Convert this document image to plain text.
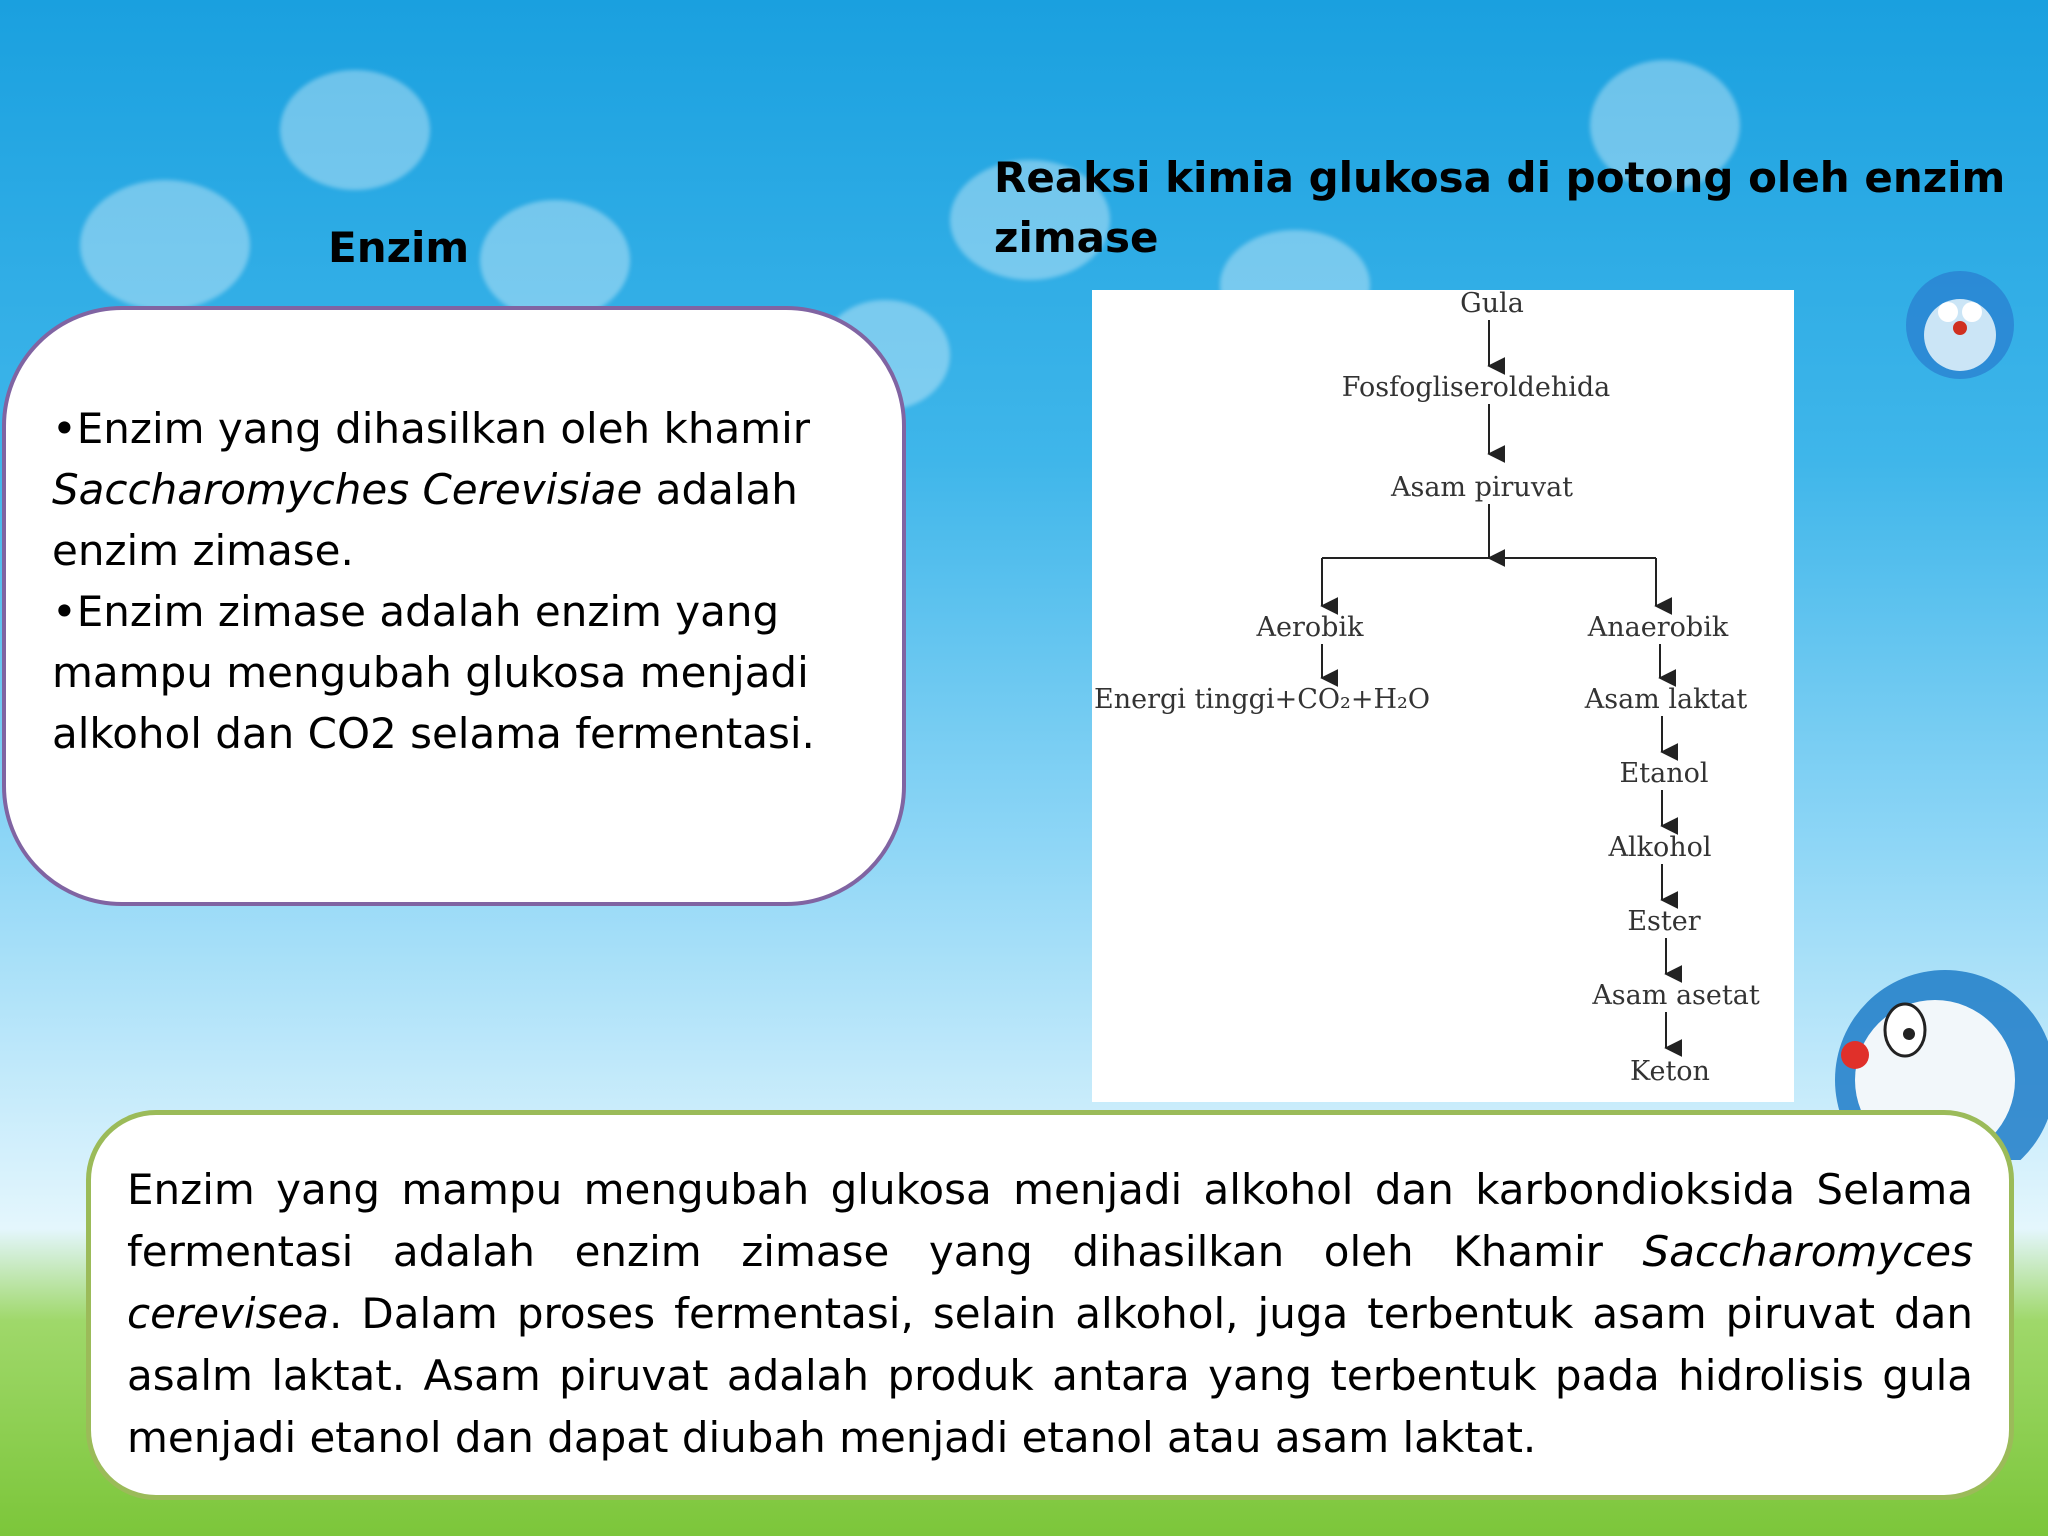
Enzim
Reaksi kimia glukosa di potong oleh enzim
zimase

•Enzim yang dihasilkan oleh khamir Saccharomyches Cerevisiae adalah enzim zimase.

•Enzim zimase adalah enzim yang mampu mengubah glukosa menjadi alkohol dan CO2 selama fermentasi.

Gula
Fosfogliseroldehida
Asam piruvat
Aerobik
Energi tinggi+CO₂+H₂O
Anaerobik
Asam laktat
Etanol
Alkohol
Ester
Asam asetat
Keton
Enzim yang mampu mengubah glukosa menjadi alkohol dan karbondioksida Selama fermentasi adalah enzim zimase yang dihasilkan oleh Khamir Saccharomyces cerevisea. Dalam proses fermentasi, selain alkohol, juga terbentuk asam piruvat dan asalm laktat. Asam piruvat adalah produk antara yang terbentuk pada hidrolisis gula menjadi etanol dan dapat diubah menjadi etanol atau asam laktat.
